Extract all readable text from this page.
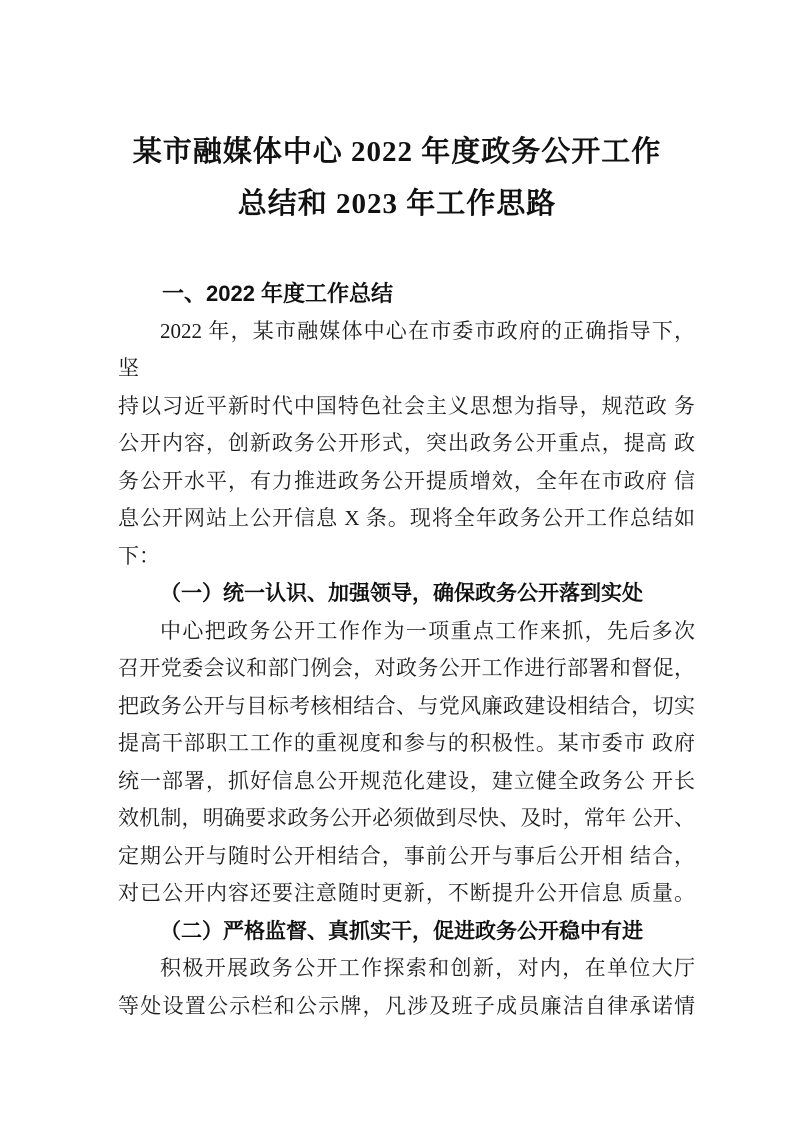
某市融媒体中心 2022 年度政务公开工作
总结和 2023 年工作思路
一、2022 年度工作总结
2022 年，某市融媒体中心在市委市政府的正确指导下， 坚
持以习近平新时代中国特色社会主义思想为指导，规范政 务
公开内容，创新政务公开形式，突出政务公开重点，提高 政
务公开水平，有力推进政务公开提质增效，全年在市政府 信
息公开网站上公开信息 X 条。现将全年政务公开工作总结如
下：
（一）统一认识、加强领导，确保政务公开落到实处
中心把政务公开工作作为一项重点工作来抓，先后多次
召开党委会议和部门例会，对政务公开工作进行部署和督促，
把政务公开与目标考核相结合、与党风廉政建设相结合，切实
提高干部职工工作的重视度和参与的积极性。某市委市 政府
统一部署，抓好信息公开规范化建设，建立健全政务公 开长
效机制，明确要求政务公开必须做到尽快、及时，常年 公开、
定期公开与随时公开相结合，事前公开与事后公开相 结合，
对已公开内容还要注意随时更新，不断提升公开信息 质量。
（二）严格监督、真抓实干，促进政务公开稳中有进
积极开展政务公开工作探索和创新，对内，在单位大厅
等处设置公示栏和公示牌，凡涉及班子成员廉洁自律承诺情
